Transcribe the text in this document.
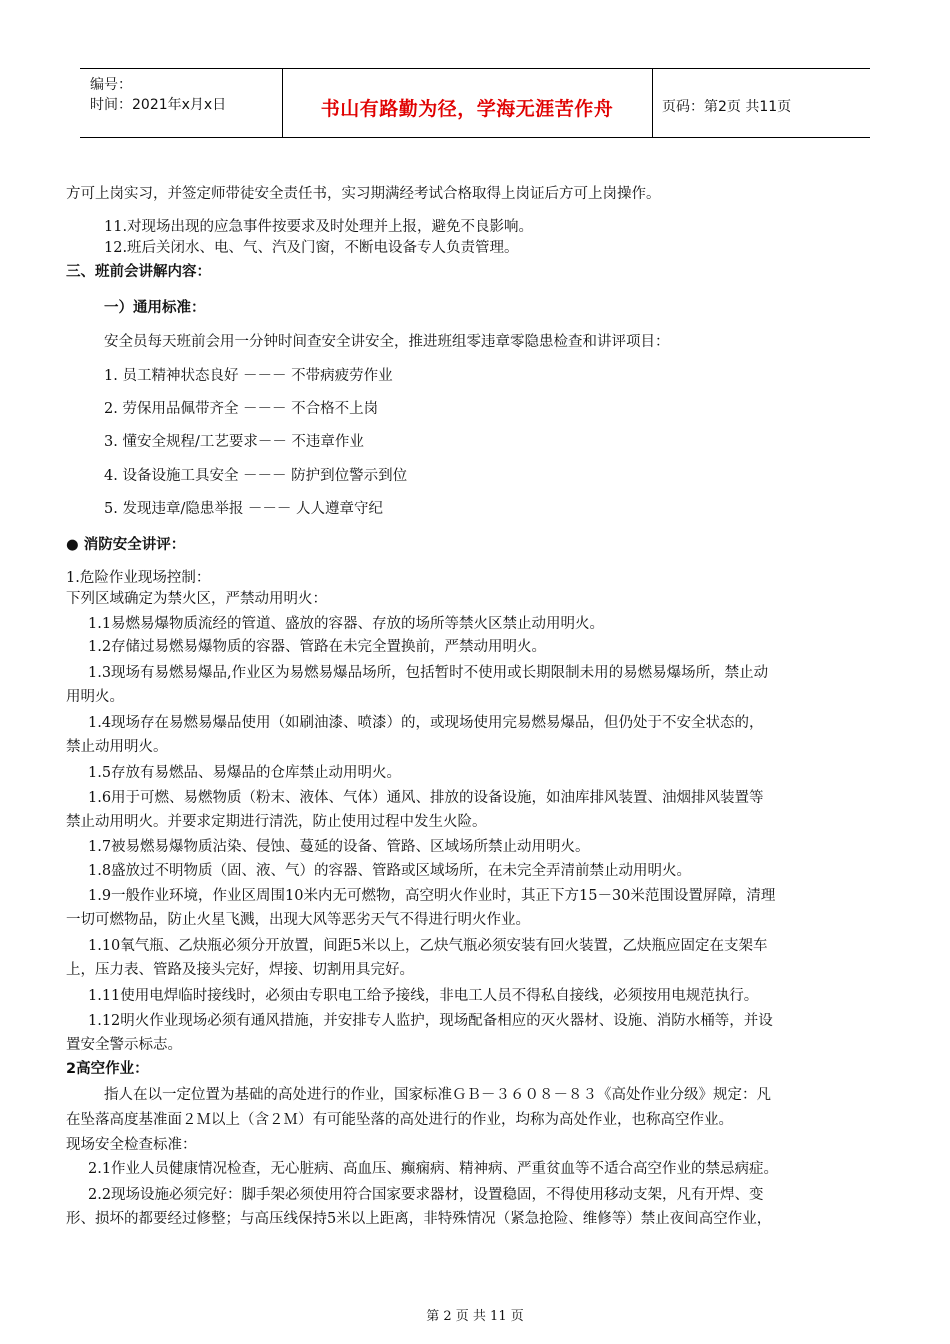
编号：
时间：2021年x月x日	书山有路勤为径，学海无涯苦作舟	页码：第2页 共11页
方可上岗实习，并签定师带徒安全责任书，实习期满经考试合格取得上岗证后方可上岗操作。
11.对现场出现的应急事件按要求及时处理并上报，避免不良影响。
12.班后关闭水、电、气、汽及门窗，不断电设备专人负责管理。
三、班前会讲解内容：
一）通用标准：
安全员每天班前会用一分钟时间查安全讲安全，推进班组零违章零隐患检查和讲评项目：
1. 员工精神状态良好 －－－ 不带病疲劳作业
2. 劳保用品佩带齐全 －－－ 不合格不上岗
3. 懂安全规程/工艺要求－－ 不违章作业
4. 设备设施工具安全 －－－ 防护到位警示到位
5. 发现违章/隐患举报 －－－ 人人遵章守纪
● 消防安全讲评：
1.危险作业现场控制：
下列区域确定为禁火区，严禁动用明火：
1.1易燃易爆物质流经的管道、盛放的容器、存放的场所等禁火区禁止动用明火。
1.2存储过易燃易爆物质的容器、管路在未完全置换前，严禁动用明火。
1.3现场有易燃易爆品,作业区为易燃易爆品场所，包括暂时不使用或长期限制未用的易燃易爆场所，禁止动
用明火。
1.4现场存在易燃易爆品使用（如刷油漆、喷漆）的，或现场使用完易燃易爆品，但仍处于不安全状态的，
禁止动用明火。
1.5存放有易燃品、易爆品的仓库禁止动用明火。
1.6用于可燃、易燃物质（粉末、液体、气体）通风、排放的设备设施，如油库排风装置、油烟排风装置等
禁止动用明火。并要求定期进行清洗，防止使用过程中发生火险。
1.7被易燃易爆物质沾染、侵蚀、蔓延的设备、管路、区域场所禁止动用明火。
1.8盛放过不明物质（固、液、气）的容器、管路或区域场所，在未完全弄清前禁止动用明火。
1.9一般作业环境，作业区周围10米内无可燃物，高空明火作业时，其正下方15－30米范围设置屏障，清理
一切可燃物品，防止火星飞溅，出现大风等恶劣天气不得进行明火作业。
1.10氧气瓶、乙炔瓶必须分开放置，间距5米以上，乙炔气瓶必须安装有回火装置，乙炔瓶应固定在支架车
上，压力表、管路及接头完好，焊接、切割用具完好。
1.11使用电焊临时接线时，必须由专职电工给予接线，非电工人员不得私自接线，必须按用电规范执行。
1.12明火作业现场必须有通风措施，并安排专人监护，现场配备相应的灭火器材、设施、消防水桶等，并设
置安全警示标志。
2高空作业：
指人在以一定位置为基础的高处进行的作业，国家标准ＧＢ－３６０８－８３《高处作业分级》规定：凡
在坠落高度基准面２Ｍ以上（含２Ｍ）有可能坠落的高处进行的作业，均称为高处作业，也称高空作业。
现场安全检查标准：
2.1作业人员健康情况检查，无心脏病、高血压、癫痫病、精神病、严重贫血等不适合高空作业的禁忌病症。
2.2现场设施必须完好：脚手架必须使用符合国家要求器材，设置稳固，不得使用移动支架，凡有开焊、变
形、损坏的都要经过修整；与高压线保持5米以上距离，非特殊情况（紧急抢险、维修等）禁止夜间高空作业，
第 2 页 共 11 页
